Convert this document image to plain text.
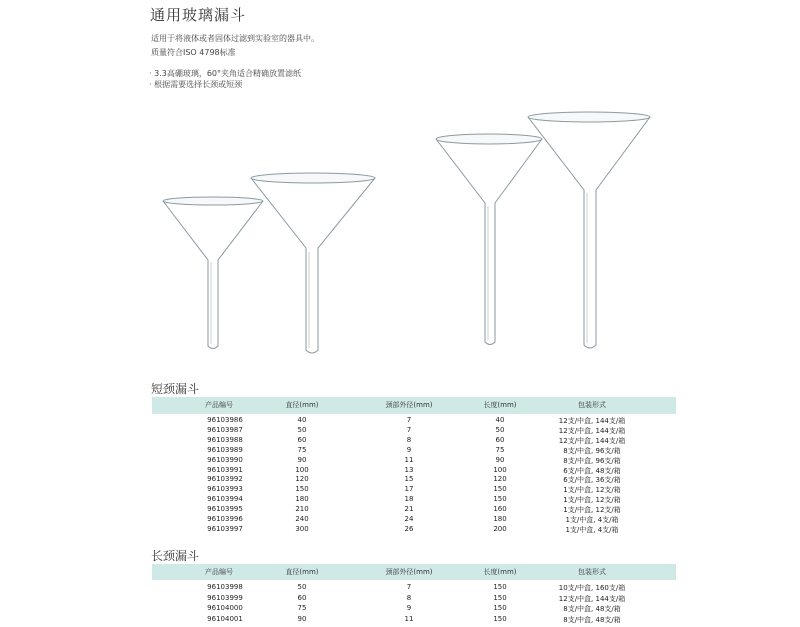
通用玻璃漏斗
适用于将液体或者固体过滤到实验室的器具中。
质量符合ISO 4798标准
· 3.3高硼玻璃，60°夹角适合精确放置滤纸
· 根据需要选择长颈或短颈
短颈漏斗
产品编号	直径(mm)	颈部外径(mm)	长度(mm)	包装形式
96103986	40	7	40	12支/中盒, 144支/箱
96103987	50	7	50	12支/中盒, 144支/箱
96103988	60	8	60	12支/中盒, 144支/箱
96103989	75	9	75	8支/中盒, 96支/箱
96103990	90	11	90	8支/中盒, 96支/箱
96103991	100	13	100	6支/中盒, 48支/箱
96103992	120	15	120	6支/中盒, 36支/箱
96103993	150	17	150	1支/中盒, 12支/箱
96103994	180	18	150	1支/中盒, 12支/箱
96103995	210	21	160	1支/中盒, 12支/箱
96103996	240	24	180	1支/中盒, 4支/箱
96103997	300	26	200	1支/中盒, 4支/箱
长颈漏斗
产品编号	直径(mm)	颈部外径(mm)	长度(mm)	包装形式
96103998	50	7	150	10支/中盒, 160支/箱
96103999	60	8	150	12支/中盒, 144支/箱
96104000	75	9	150	8支/中盒, 48支/箱
96104001	90	11	150	8支/中盒, 48支/箱
